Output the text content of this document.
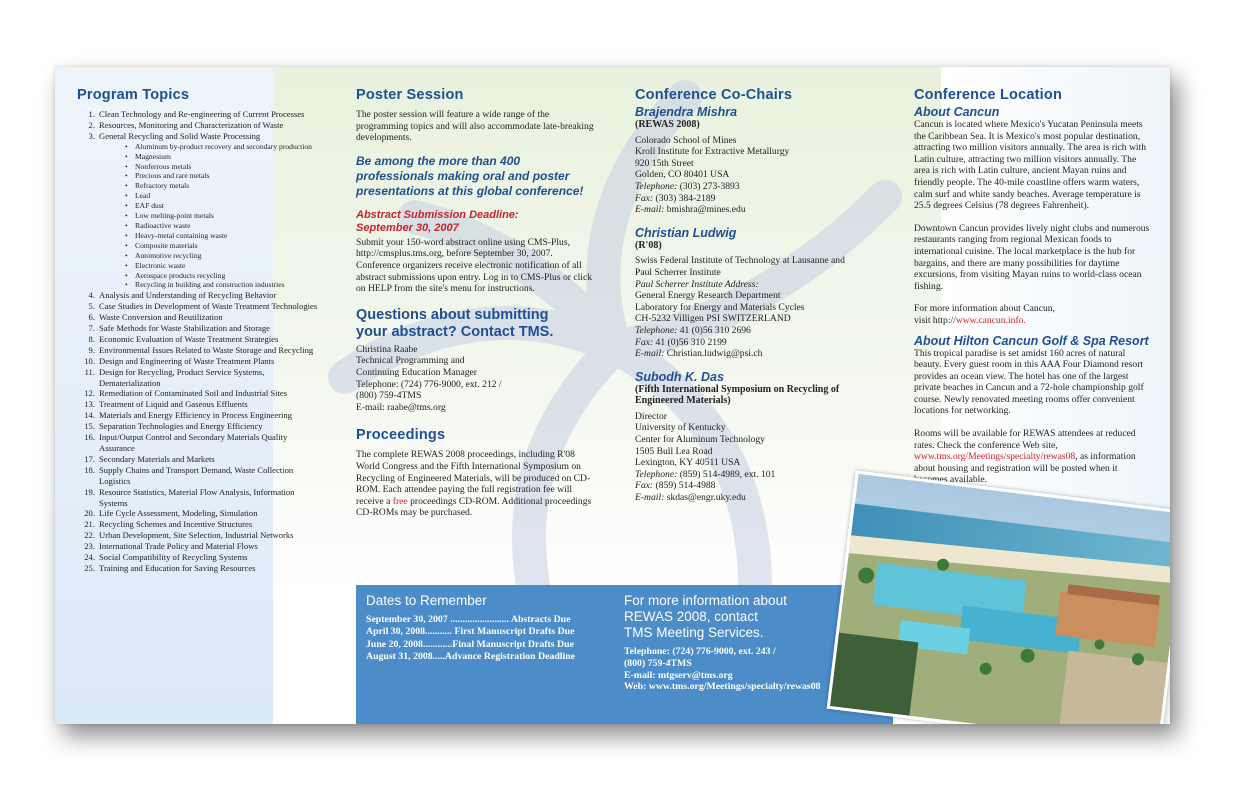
Program Topics
1. Clean Technology and Re-engineering of Current Processes
2. Resources, Monitoring and Characterization of Waste
3. General Recycling and Solid Waste Processing
• Aluminum by-product recovery and secondary production
• Magnesium
• Nonferrous metals
• Precious and rare metals
• Refractory metals
• Lead
• EAF dust
• Low melting-point metals
• Radioactive waste
• Heavy-metal containing waste
• Composite materials
• Automotive recycling
• Electronic waste
• Aerospace products recycling
• Recycling in building and construction industries
4. Analysis and Understanding of Recycling Behavior
5. Case Studies in Development of Waste Treatment Technologies
6. Waste Conversion and Reutilization
7. Safe Methods for Waste Stabilization and Storage
8. Economic Evaluation of Waste Treatment Strategies
9. Environmental Issues Related to Waste Storage and Recycling
10. Design and Engineering of Waste Treatment Plants
11. Design for Recycling, Product Service Systems, Dematerialization
12. Remediation of Contaminated Soil and Industrial Sites
13. Treatment of Liquid and Gaseous Effluents
14. Materials and Energy Efficiency in Process Engineering
15. Separation Technologies and Energy Efficiency
16. Input/Output Control and Secondary Materials Quality Assurance
17. Secondary Materials and Markets
18. Supply Chains and Transport Demand, Waste Collection Logistics
19. Resource Statistics, Material Flow Analysis, Information Systems
20. Life Cycle Assessment, Modeling, Simulation
21. Recycling Schemes and Incentive Structures
22. Urban Development, Site Selection, Industrial Networks
23. International Trade Policy and Material Flows
24. Social Compatibility of Recycling Systems
25. Training and Education for Saving Resources
Poster Session

The poster session will feature a wide range of the programming topics and will also accommodate late-breaking developments.

Be among the more than 400 professionals making oral and poster presentations at this global conference!

Abstract Submission Deadline:

September 30, 2007

Submit your 150-word abstract online using CMS-Plus, http://cmsplus.tms.org, before September 30, 2007. Conference organizers receive electronic notification of all abstract submissions upon entry. Log in to CMS-Plus or click on HELP from the site's menu for instructions.

Questions about submitting

your abstract? Contact TMS.

Christina Raabe

Technical Programming and

Continuing Education Manager

Telephone: (724) 776-9000, ext. 212 /

(800) 759-4TMS

E-mail: raabe@tms.org

Proceedings

The complete REWAS 2008 proceedings, including R'08 World Congress and the Fifth International Symposium on Recycling of Engineered Materials, will be produced on CD-ROM. Each attendee paying the full registration fee will receive a free proceedings CD-ROM. Additional proceedings CD-ROMs may be purchased.

Conference Co-Chairs
Brajendra Mishra

(REWAS 2008)

Colorado School of Mines

Kroll Institute for Extractive Metallurgy

920 15th Street

Golden, CO 80401 USA

Telephone: (303) 273-3893

Fax: (303) 384-2189

E-mail: bmishra@mines.edu

Christian Ludwig

(R'08)

Swiss Federal Institute of Technology at Lausanne and

Paul Scherrer Institute

Paul Scherrer Institute Address:

General Energy Research Department

Laboratory for Energy and Materials Cycles

CH-5232 Villigen PSI SWITZERLAND

Telephone: 41 (0)56 310 2696

Fax: 41 (0)56 310 2199

E-mail: Christian.ludwig@psi.ch

Subodh K. Das

(Fifth International Symposium on Recycling of Engineered Materials)

Director

University of Kentucky

Center for Aluminum Technology

1505 Bull Lea Road

Lexington, KY 40511 USA

Telephone: (859) 514-4989, ext. 101

Fax: (859) 514-4988

E-mail: skdas@engr.uky.edu

Conference Location
About Cancun

Cancun is located where Mexico's Yucatan Peninsula meets the Caribbean Sea. It is Mexico's most popular destination, attracting two million visitors annually. The area is rich with Latin culture, attracting two million visitors annually. The area is rich with Latin culture, ancient Mayan ruins and friendly people. The 40-mile coastline offers warm waters, calm surf and white sandy beaches. Average temperature is 25.5 degrees Celsius (78 degrees Fahrenheit).

Downtown Cancun provides lively night clubs and numerous restaurants ranging from regional Mexican foods to international cuisine. The local marketplace is the hub for bargains, and there are many possibilities for daytime excursions, from visiting Mayan ruins to world-class ocean fishing.

For more information about Cancun,

visit http://www.cancun.info.

About Hilton Cancun Golf & Spa Resort

This tropical paradise is set amidst 160 acres of natural beauty. Every guest room in this AAA Four Diamond resort provides an ocean view. The hotel has one of the largest private beaches in Cancun and a 72-hole championship golf course. Newly renovated meeting rooms offer convenient locations for networking.

Rooms will be available for REWAS attendees at reduced rates. Check the conference Web site, www.tms.org/Meetings/specialty/rewas08, as information about housing and registration will be posted when it becomes available.

Dates to Remember

September 30, 2007 ........................ Abstracts Due
April 30, 2008........... First Manuscript Drafts Due
June 20, 2008............Final Manuscript Drafts Due
August 31, 2008.....Advance Registration Deadline
For more information about
REWAS 2008, contact
TMS Meeting Services.

Telephone: (724) 776-9000, ext. 243 /

(800) 759-4TMS

E-mail: mtgserv@tms.org

Web: www.tms.org/Meetings/specialty/rewas08
